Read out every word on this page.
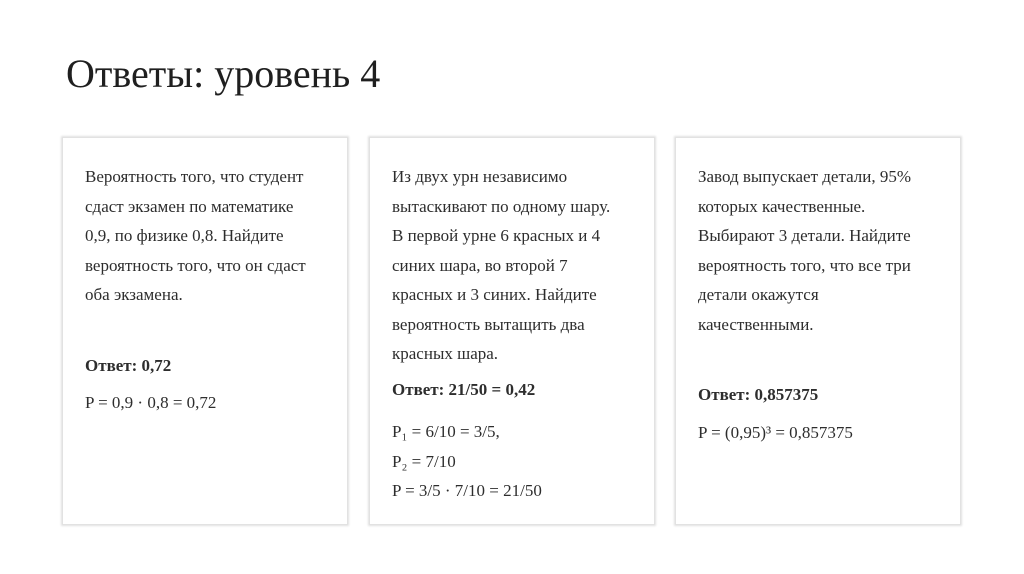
Ответы: уровень 4
Вероятность того, что студент
сдаст экзамен по математике
0,9, по физике 0,8. Найдите
вероятность того, что он сдаст
оба экзамена.
Ответ: 0,72
P = 0,9 · 0,8 = 0,72
Из двух урн независимо
вытаскивают по одному шару.
В первой урне 6 красных и 4
синих шара, во второй 7
красных и 3 синих. Найдите
вероятность вытащить два
красных шара.
Ответ: 21/50 = 0,42
P₁ = 6/10 = 3/5,
P₂ = 7/10
P = 3/5 · 7/10 = 21/50
Завод выпускает детали, 95%
которых качественные.
Выбирают 3 детали. Найдите
вероятность того, что все три
детали окажутся
качественными.
Ответ: 0,857375
P = (0,95)³ = 0,857375
